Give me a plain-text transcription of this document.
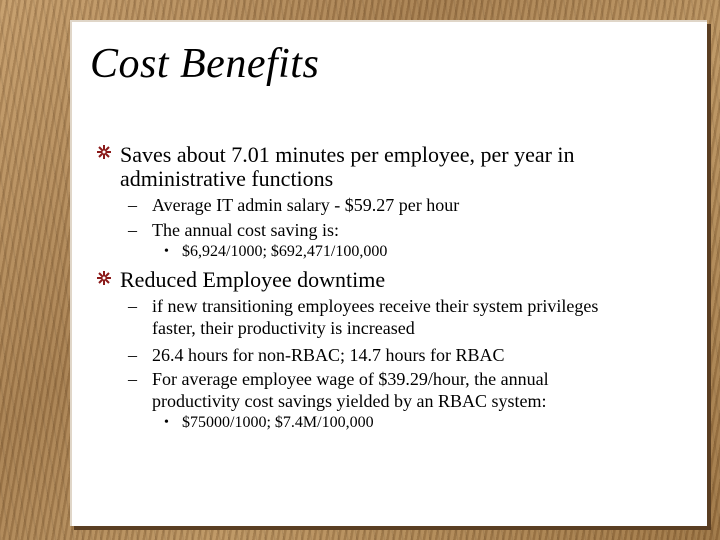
Cost Benefits
Saves about 7.01 minutes per employee, per year in administrative functions
– Average IT admin salary - $59.27 per hour
– The annual cost saving is:
• $6,924/1000; $692,471/100,000
Reduced Employee downtime
– if new transitioning employees receive their system privileges faster, their productivity is increased
– 26.4 hours for non-RBAC; 14.7 hours for RBAC
– For average employee wage of $39.29/hour, the annual productivity cost savings yielded by an RBAC system:
• $75000/1000; $7.4M/100,000
